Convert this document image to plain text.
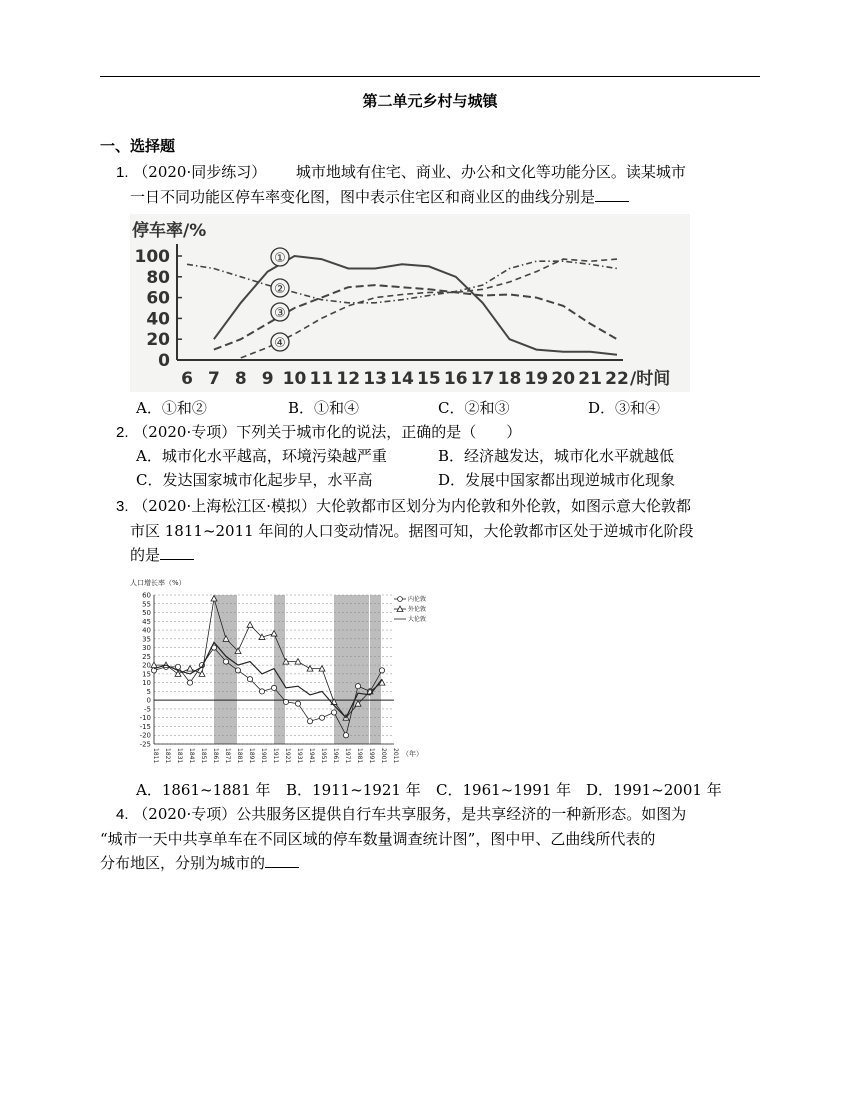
第二单元乡村与城镇
一、选择题
1. （2020·同步练习） 城市地域有住宅、商业、办公和文化等功能分区。读某城市
一日不同功能区停车率变化图，图中表示住宅区和商业区的曲线分别是
停车率/%
0
20
40
60
80
100
6 7 8 9 10 11 12 13 14 15 16 17 18 19 20 21 22 /时间
①
②
③
④
A．①和②	B．①和④	C．②和③	D．③和④
2. （2020·专项）下列关于城市化的说法，正确的是（　　）
A．城市化水平越高，环境污染越严重	B．经济越发达，城市化水平就越低
C．发达国家城市化起步早，水平高	D．发展中国家都出现逆城市化现象
3. （2020·上海松江区·模拟）大伦敦都市区划分为内伦敦和外伦敦，如图示意大伦敦都
市区 1811~2011 年间的人口变动情况。据图可知，大伦敦都市区处于逆城市化阶段
的是
人口增长率（%）
-25
-20
-15
-10
-5
0
5
10
15
20
25
30
35
40
45
50
55
60
1811 1821 1831 1841 1851 1861 1871 1881 1891 1901 1911 1921 1931 1941 1951 1961 1971 1981 1991 2001 2011 （年）
内伦敦
外伦敦
大伦敦
A．1861~1881 年 B．1911~1921 年 C．1961~1991 年 D．1991~2001 年
4. （2020·专项）公共服务区提供自行车共享服务，是共享经济的一种新形态。如图为
“城市一天中共享单车在不同区域的停车数量调查统计图”，图中甲、乙曲线所代表的
分布地区，分别为城市的
